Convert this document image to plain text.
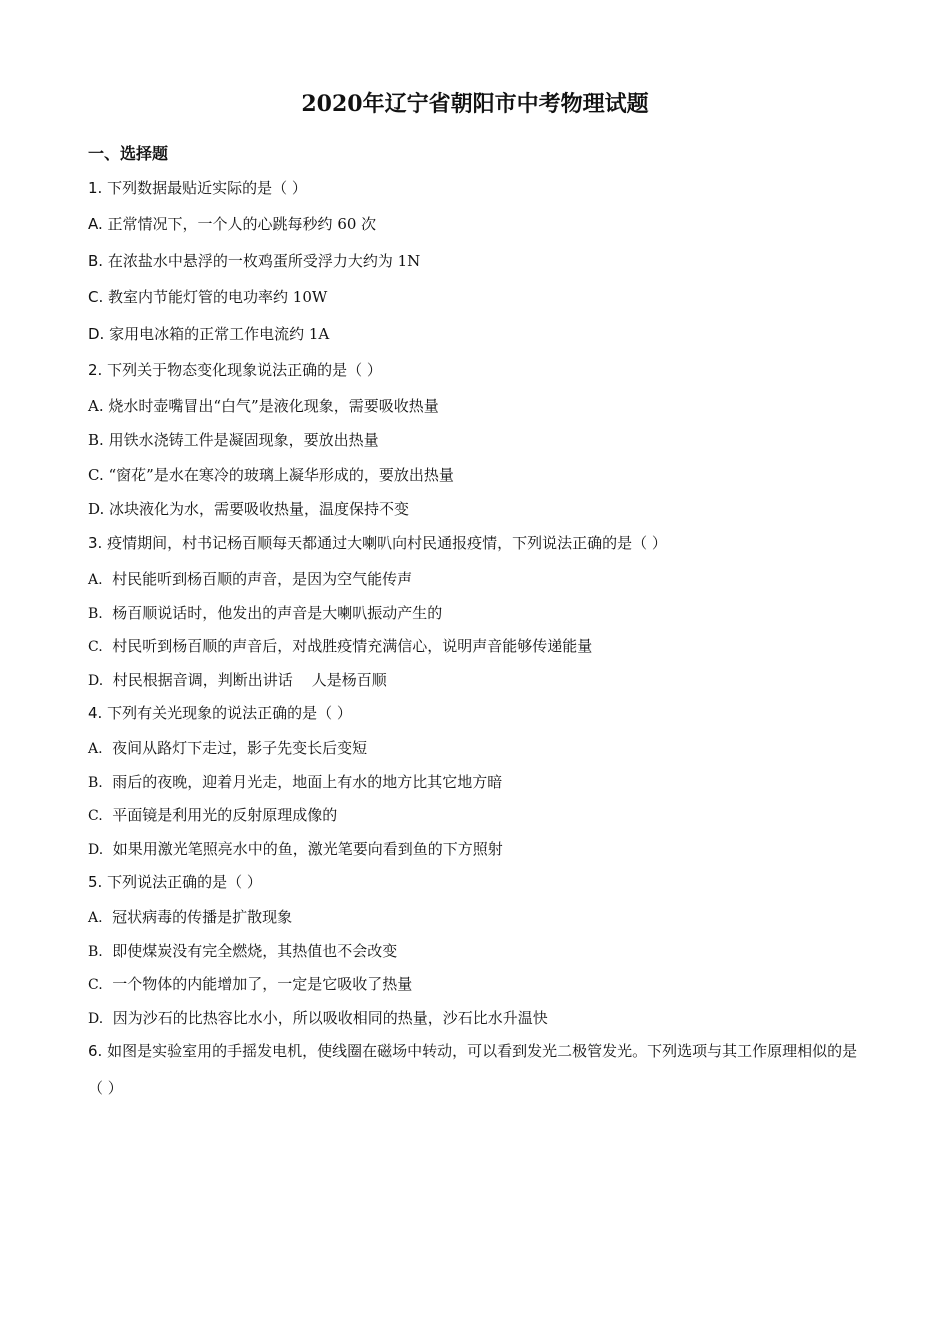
2020年辽宁省朝阳市中考物理试题
一、选择题
1. 下列数据最贴近实际的是（ ）
A. 正常情况下，一个人的心跳每秒约 60 次
B. 在浓盐水中悬浮的一枚鸡蛋所受浮力大约为 1N
C. 教室内节能灯管的电功率约 10W
D. 家用电冰箱的正常工作电流约 1A
2. 下列关于物态变化现象说法正确的是（ ）
A. 烧水时壶嘴冒出“白气”是液化现象，需要吸收热量
B. 用铁水浇铸工件是凝固现象，要放出热量
C. “窗花”是水在寒冷的玻璃上凝华形成的，要放出热量
D. 冰块液化为水，需要吸收热量，温度保持不变
3. 疫情期间，村书记杨百顺每天都通过大喇叭向村民通报疫情，下列说法正确的是（ ）
A. 村民能听到杨百顺的声音，是因为空气能传声
B. 杨百顺说话时，他发出的声音是大喇叭振动产生的
C. 村民听到杨百顺的声音后，对战胜疫情充满信心，说明声音能够传递能量
D. 村民根据音调，判断出讲话    人是杨百顺
4. 下列有关光现象的说法正确的是（ ）
A. 夜间从路灯下走过，影子先变长后变短
B. 雨后的夜晚，迎着月光走，地面上有水的地方比其它地方暗
C. 平面镜是利用光的反射原理成像的
D. 如果用激光笔照亮水中的鱼，激光笔要向看到鱼的下方照射
5. 下列说法正确的是（ ）
A. 冠状病毒的传播是扩散现象
B. 即使煤炭没有完全燃烧，其热值也不会改变
C. 一个物体的内能增加了，一定是它吸收了热量
D. 因为沙石的比热容比水小，所以吸收相同的热量，沙石比水升温快
6. 如图是实验室用的手摇发电机，使线圈在磁场中转动，可以看到发光二极管发光。下列选项与其工作原理相似的是（ ）
